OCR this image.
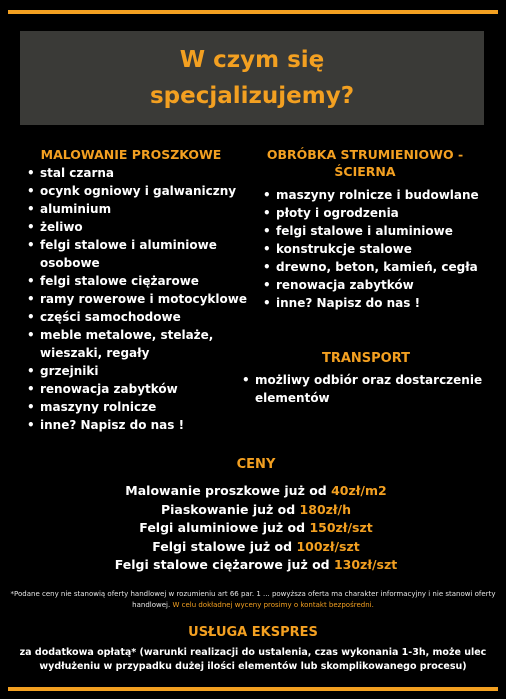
W czym się
specjalizujemy?
MALOWANIE PROSZKOWE
• stal czarna
• ocynk ogniowy i galwaniczny
• aluminium
• żeliwo
• felgi stalowe i aluminiowe osobowe
• felgi stalowe ciężarowe
• ramy rowerowe i motocyklowe
• części samochodowe
• meble metalowe, stelaże, wieszaki, regały
• grzejniki
• renowacja zabytków
• maszyny rolnicze
• inne? Napisz do nas !
OBRÓBKA STRUMIENIOWO -
ŚCIERNA
• maszyny rolnicze i budowlane
• płoty i ogrodzenia
• felgi stalowe i aluminiowe
• konstrukcje stalowe
• drewno, beton, kamień, cegła
• renowacja zabytków
• inne? Napisz do nas !
TRANSPORT
• możliwy odbiór oraz dostarczenie elementów
CENY
Malowanie proszkowe już od 40zł/m2
Piaskowanie już od 180zł/h
Felgi aluminiowe już od 150zł/szt
Felgi stalowe już od 100zł/szt
Felgi stalowe ciężarowe już od 130zł/szt
*Podane ceny nie stanowią oferty handlowej w rozumieniu art 66 par. 1 ... powyższa oferta ma charakter informacyjny i nie stanowi oferty handlowej. W celu dokładnej wyceny prosimy o kontakt bezpośredni.
USŁUGA EKSPRES
za dodatkowa opłatą* (warunki realizacji do ustalenia, czas wykonania 1-3h, może ulec wydłużeniu w przypadku dużej ilości elementów lub skomplikowanego procesu)
